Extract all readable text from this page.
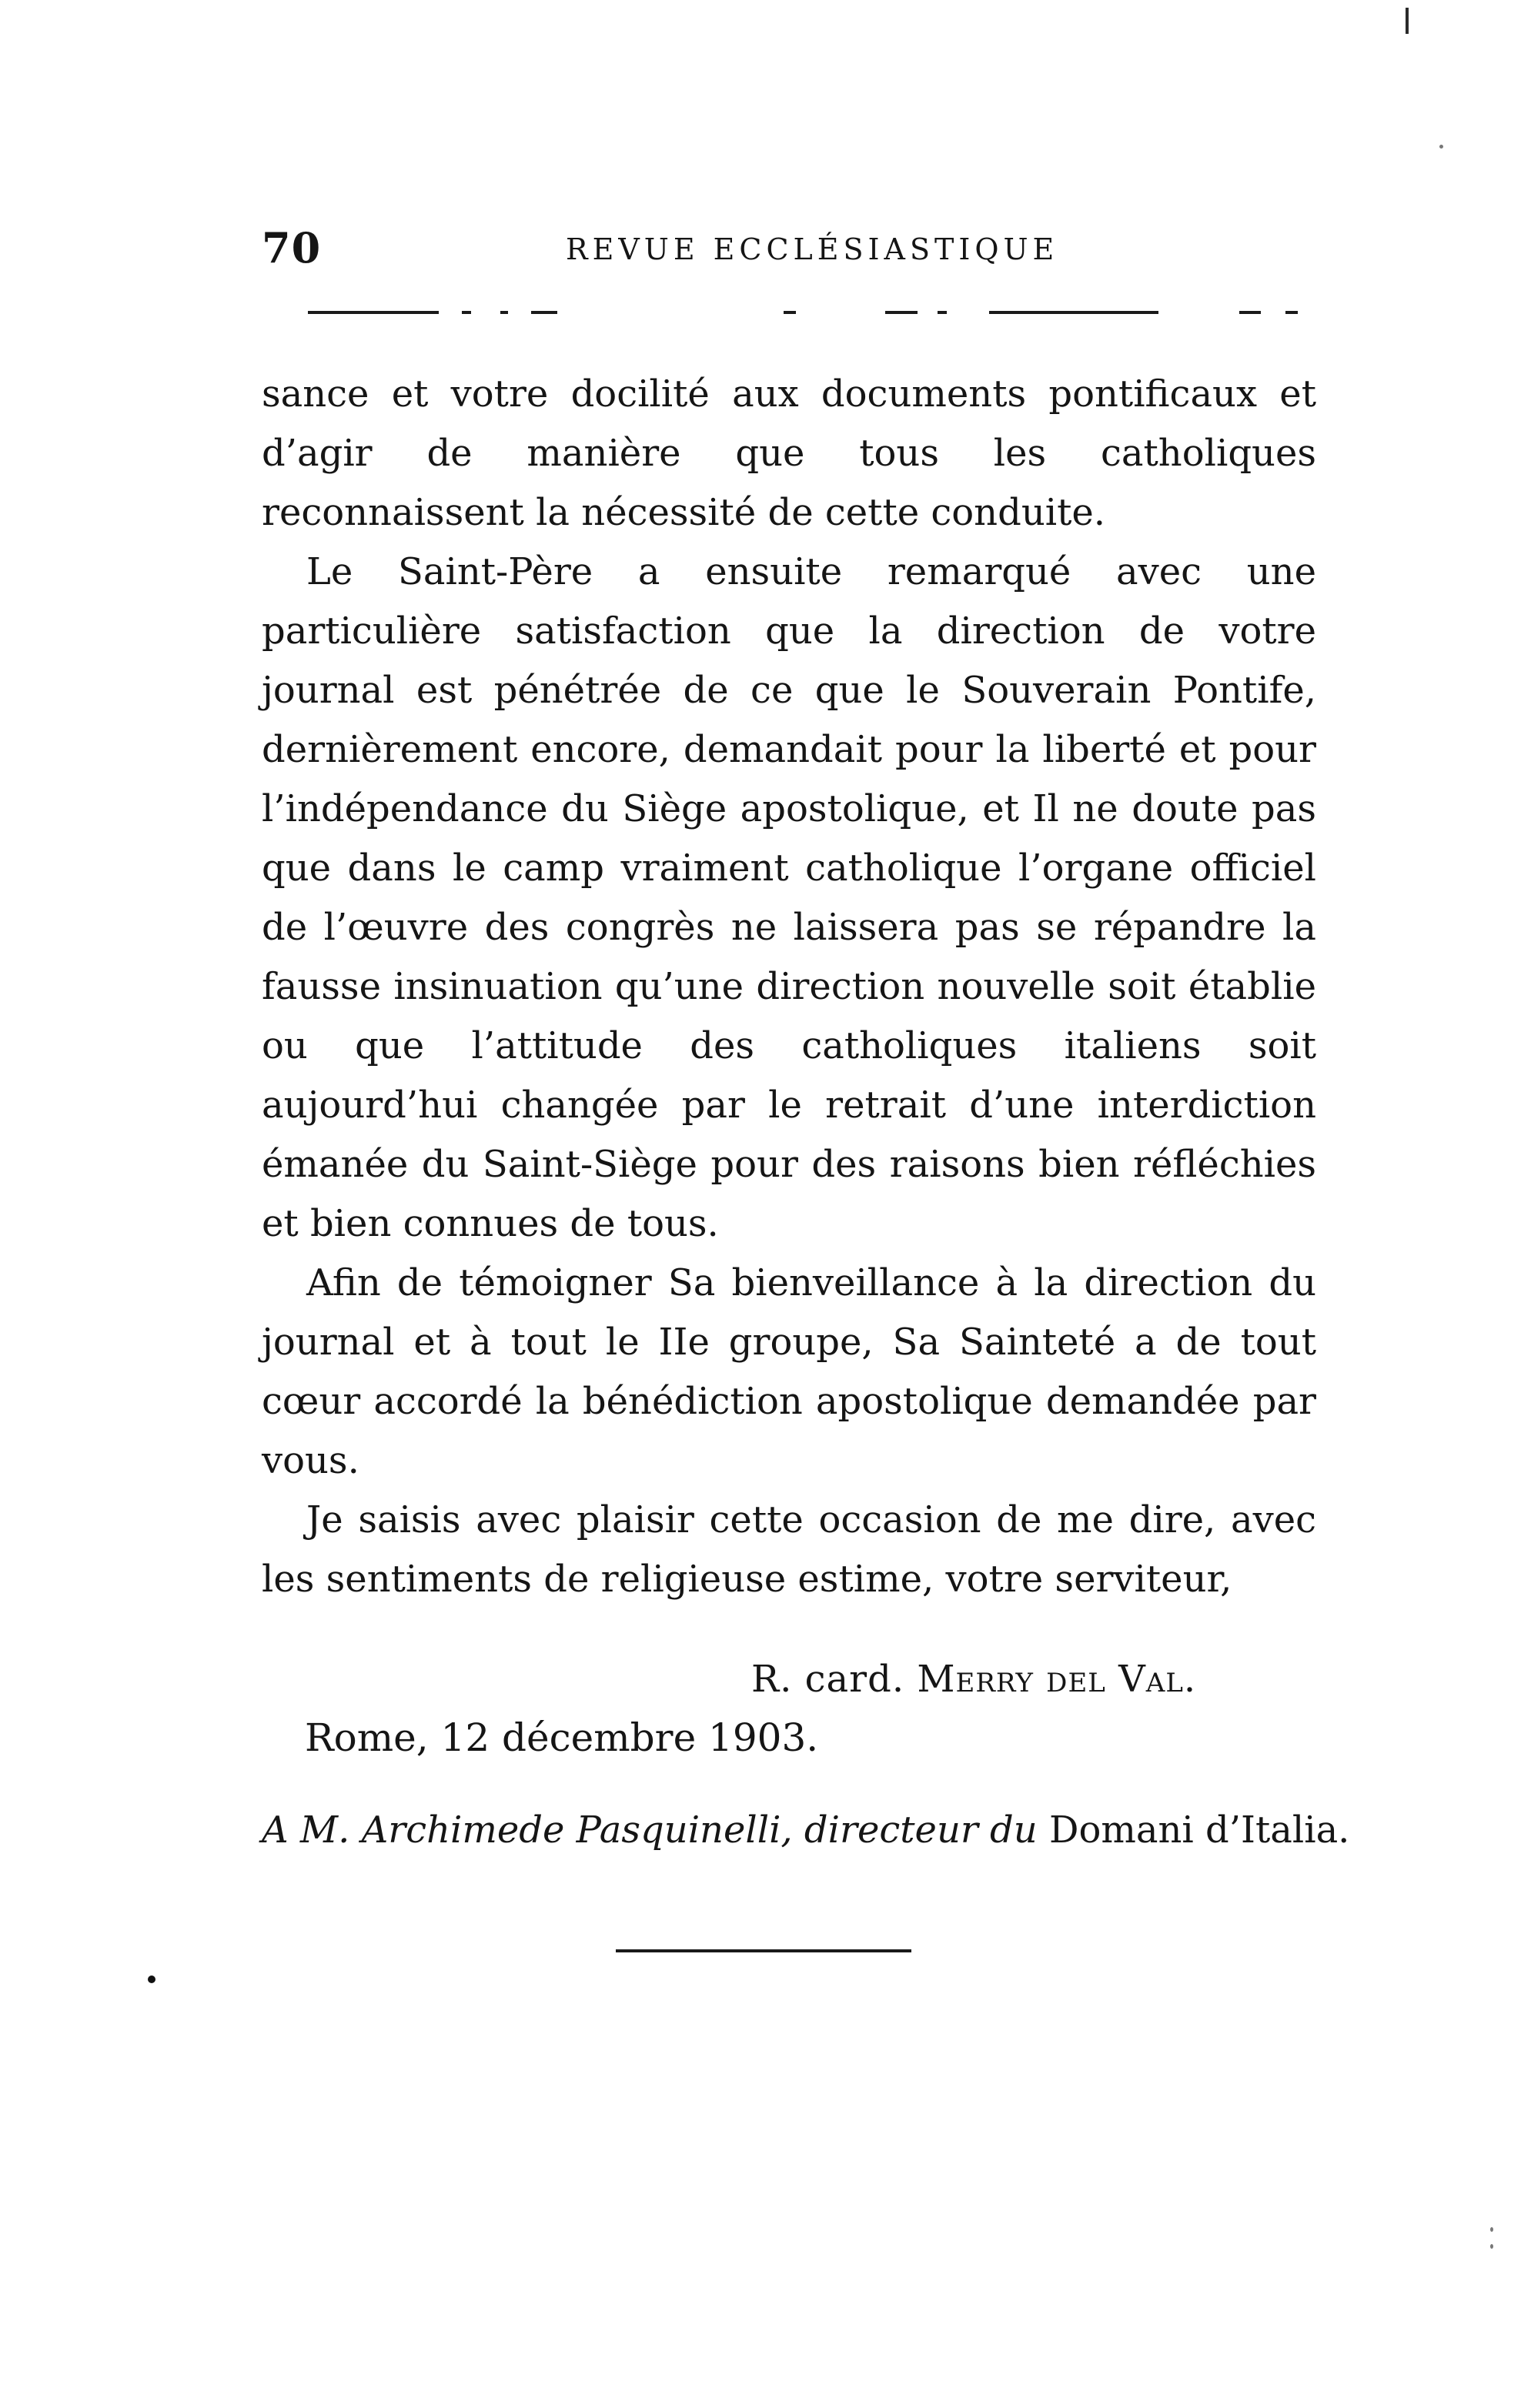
70	REVUE ECCLÉSIASTIQUE

sance et votre docilité aux documents pontificaux et d’agir de manière que tous les catholiques reconnaissent la nécessité de cette conduite.

Le Saint-Père a ensuite remarqué avec une particulière satisfaction que la direction de votre journal est pénétrée de ce que le Souverain Pontife, dernièrement encore, demandait pour la liberté et pour l’indépendance du Siège apostolique, et Il ne doute pas que dans le camp vraiment catholique l’organe officiel de l’œuvre des congrès ne laissera pas se répandre la fausse insinuation qu’une direction nouvelle soit établie ou que l’attitude des catholiques italiens soit aujourd’hui changée par le retrait d’une interdiction émanée du Saint-Siège pour des raisons bien réfléchies et bien connues de tous.

Afin de témoigner Sa bienveillance à la direction du journal et à tout le IIe groupe, Sa Sainteté a de tout cœur accordé la bénédiction apostolique demandée par vous.

Je saisis avec plaisir cette occasion de me dire, avec les sentiments de religieuse estime, votre serviteur,

R. card. Merry del Val.
Rome, 12 décembre 1903.
A M. Archimede Pasquinelli, directeur du Domani d’Italia.
